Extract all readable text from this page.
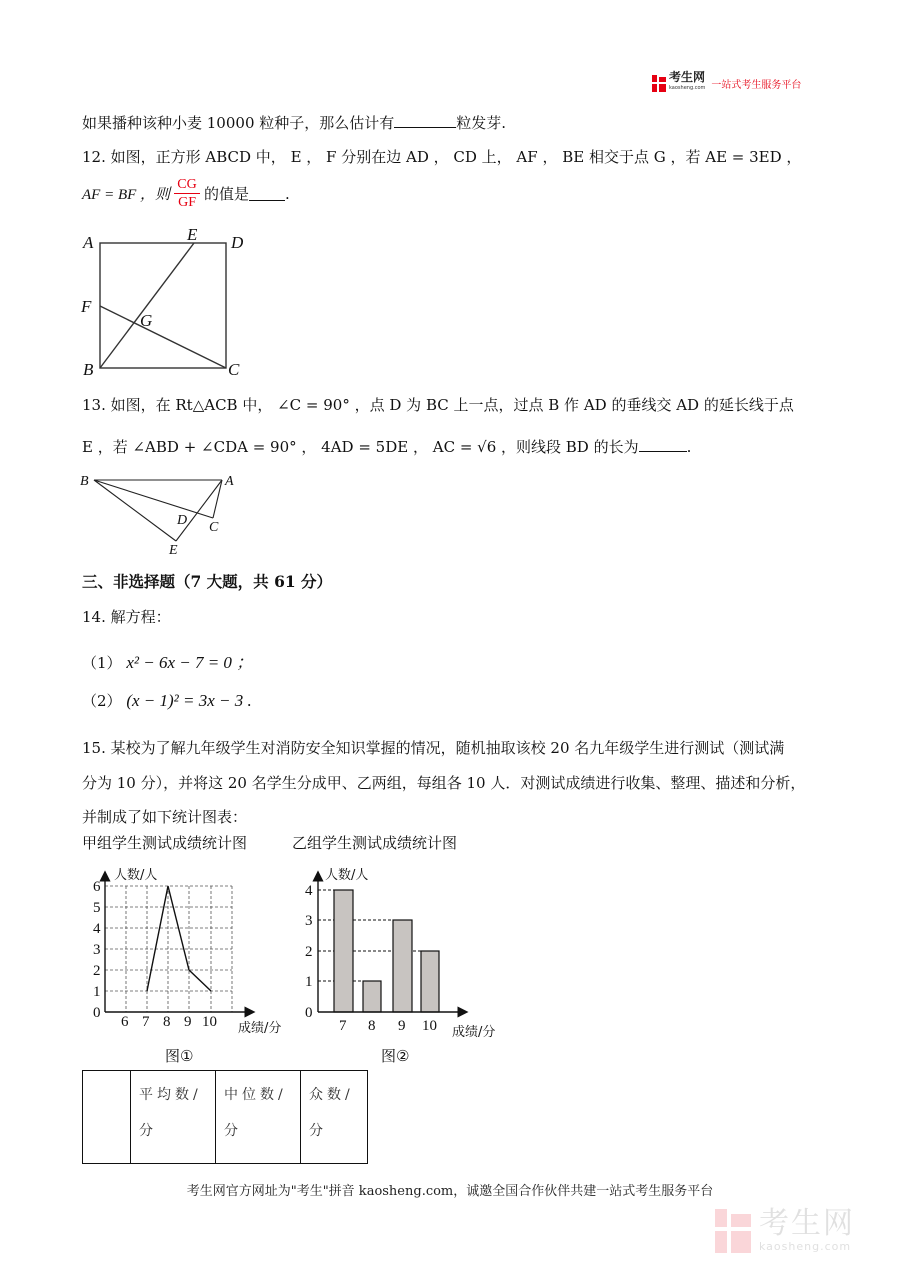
考生网
kaosheng.com 一站式考生服务平台
如果播种该种小麦 10000 粒种子，那么估计有	粒发芽.
12. 如图，正方形 ABCD 中， E ， F 分别在边 AD ， CD 上， AF ， BE 相交于点 G ，若 AE = 3ED ，
AF = BF ，则 $\frac{CG}{GF}$ 的值是 .
A	E D
F
G
B	C
13. 如图，在 Rt△ACB 中， ∠C = 90° ，点 D 为 BC 上一点，过点 B 作 AD 的垂线交 AD 的延长线于点
E ，若 ∠ABD + ∠CDA = 90° ， 4AD = 5DE ， AC = √6 ，则线段 BD 的长为	.
B	A
D C
E
三、非选择题（7 大题，共 61 分）
14. 解方程：
（1） x² − 6x − 7 = 0 ；
（2） (x − 1)² = 3x − 3 .
15. 某校为了解九年级学生对消防安全知识掌握的情况，随机抽取该校 20 名九年级学生进行测试（测试满
分为 10 分），并将这 20 名学生分成甲、乙两组，每组各 10 人．对测试成绩进行收集、整理、描述和分析，
并制成了如下统计图表：
甲组学生测试成绩统计图	乙组学生测试成绩统计图
0
1
2
3
4
5
6
6 7 8 9 10
人数/人
成绩/分
图①
0
1
2
3
4
7 8 9 10
人数/人
成绩/分
图②
	平均数/分	中位数/分	众数/分
考生网官方网址为"考生"拼音 kaosheng.com，诚邀全国合作伙伴共建一站式考生服务平台
考生网
kaosheng.com
